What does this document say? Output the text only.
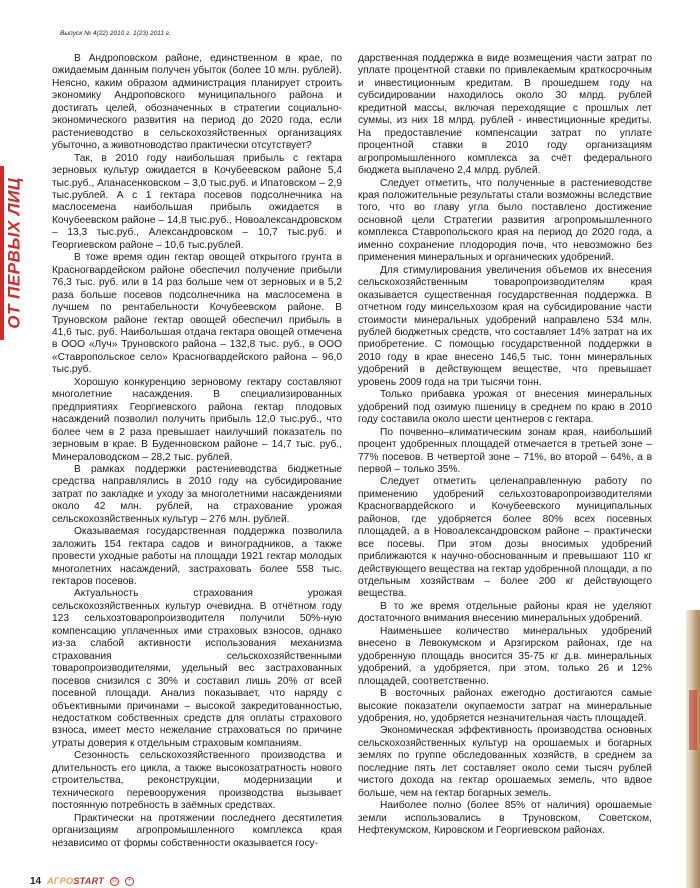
ОТ ПЕРВЫХ ЛИЦ
Выпуск № 4(22) 2010 г. 1(23) 2011 г.

В Андроповском районе, единственном в крае, по ожидаемым данным получен убыток (более 10 млн. рублей). Неясно, каким образом администрация планирует строить экономику Андроповского муниципального района и достигать целей, обозначенных в стратегии социально-экономического развития на период до 2020 года, если растениеводство в сельскохозяйственных организациях убыточно, а животноводство практически отсутствует?

Так, в 2010 году наибольшая прибыль с гектара зерновых культур ожидается в Кочубеевском районе 5,4 тыс.руб., Апанасенковском – 3,0 тыс.руб. и Ипатовском – 2,9 тыс.рублей. А с 1 гектара посевов подсолнечника на маслосемена наибольшая прибыль ожидается в Кочубеевском районе – 14,8 тыс.руб., Новоалександровском – 13,3 тыс.руб., Александровском – 10,7 тыс.руб. и Георгиевском районе – 10,6 тыс.рублей.

В тоже время один гектар овощей открытого грунта в Красногвардейском районе обеспечил получение прибыли 76,3 тыс. руб. или в 14 раз больше чем от зерновых и в 5,2 раза больше посевов подсолнечника на маслосемена в лучшем по рентабельности Кочубеевском районе. В Труновском районе гектар овощей обеспечил прибыль в 41,6 тыс. руб. Наибольшая отдача гектара овощей отмечена в ООО «Луч» Труновского района – 132,8 тыс. руб., в ООО «Ставропольское село» Красногвардейского района – 96,0 тыс.руб.

Хорошую конкуренцию зерновому гектару составляют многолетние насаждения. В специализированных предприятиях Георгиевского района гектар плодовых насаждений позволил получить прибыль 12,0 тыс.руб., что более чем в 2 раза превышает наилучший показатель по зерновым в крае. В Буденновском районе – 14,7 тыс. руб., Минераловодском – 28,2 тыс. рублей.

В рамках поддержки растениеводства бюджетные средства направлялись в 2010 году на субсидирование затрат по закладке и уходу за многолетними насаждениями около 42 млн. рублей, на страхование урожая сельскохозяйственных культур – 276 млн. рублей.

Оказываемая государственная поддержка позволила заложить 154 гектара садов и виноградников, а также провести уходные работы на площади 1921 гектар молодых многолетних насаждений, застраховать более 558 тыс. гектаров посевов.

Актуальность страхования урожая сельскохозяйственных культур очевидна. В отчётном году 123 сельхозтоваропроизводителя получили 50%-ную компенсацию уплаченных ими страховых взносов, однако из-за слабой активности использования механизма страхования сельскохозяйственными товаропроизводителями, удельный вес застрахованных посевов снизился с 30% и составил лишь 20% от всей посевной площади. Анализ показывает, что наряду с объективными причинами – высокой закредитованностью, недостатком собственных средств для оплаты страхового взноса, имеет место нежелание страховаться по причине утраты доверия к отдельным страховым компаниям.

Сезонность сельскохозяйственного производства и длительность его цикла, а также высокозатратность нового строительства, реконструкции, модернизации и технического перевооружения производства вызывает постоянную потребность в заёмных средствах.

Практически на протяжении последнего десятилетия организациям агропромышленного комплекса края независимо от формы собственности оказывается госу-

дарственная поддержка в виде возмещения части затрат по уплате процентной ставки по привлекаемым краткосрочным и инвестиционным кредитам. В прошедшем году на субсидировании находилось около 30 млрд. рублей кредитной массы, включая переходящие с прошлых лет суммы, из них 18 млрд. рублей - инвестиционные кредиты. На предоставление компенсации затрат по уплате процентной ставки в 2010 году организациям агропромышленного комплекса за счёт федерального бюджета выплачено 2,4 млрд. рублей.

Следует отметить, что полученные в растениеводстве края положительные результаты стали возможны вследствие того, что во главу угла было поставлено достижение основной цели Стратегии развития агропромышленного комплекса Ставропольского края на период до 2020 года, а именно сохранение плодородия почв, что невозможно без применения минеральных и органических удобрений.

Для стимулирования увеличения объемов их внесения сельскохозяйственным товаропроизводителям края оказывается существенная государственная поддержка. В отчетном году минсельхозом края на субсидирование части стоимости минеральных удобрений направлено 534 млн. рублей бюджетных средств, что составляет 14% затрат на их приобретение. С помощью государственной поддержки в 2010 году в крае внесено 146,5 тыс. тонн минеральных удобрений в действующем веществе, что превышает уровень 2009 года на три тысячи тонн.

Только прибавка урожая от внесения минеральных удобрений под озимую пшеницу в среднем по краю в 2010 году составила около шести центнеров с гектара.

По почвенно–климатическим зонам края, наибольший процент удобренных площадей отмечается в третьей зоне – 77% посевов. В четвертой зоне – 71%, во второй – 64%, а в первой – только 35%.

Следует отметить целенаправленную работу по применению удобрений сельхозтоваропроизводителями Красногвардейского и Кочубеевского муниципальных районов, где удобряется более 80% всех посевных площадей, а в Новоалександровском районе – практически все посевы. При этом дозы вносимых удобрений приближаются к научно-обоснованным и превышают 110 кг действующего вещества на гектар удобренной площади, а по отдельным хозяйствам – более 200 кг действующего вещества.

В то же время отдельные районы края не уделяют достаточного внимания внесению минеральных удобрений.

Наименьшее количество минеральных удобрений внесено в Левокумском и Арзгирском районах, где на удобренную площадь вносится 35-75 кг д.в. минеральных удобрений, а удобряется, при этом, только 26 и 12% площадей, соответственно.

В восточных районах ежегодно достигаются самые высокие показатели окупаемости затрат на минеральные удобрения, но, удобряется незначительная часть площадей.

Экономическая эффективность производства основных сельскохозяйственных культур на орошаемых и богарных землях по группе обследованных хозяйств, в среднем за последние пять лет составляет около семи тысяч рублей чистого дохода на гектар орошаемых земель, что вдвое больше, чем на гектар богарных земель.

Наиболее полно (более 85% от наличия) орошаемые земли использовались в Труновском, Советском, Нефтекумском, Кировском и Георгиевском районах.

14 АГРОSTART	©	•
